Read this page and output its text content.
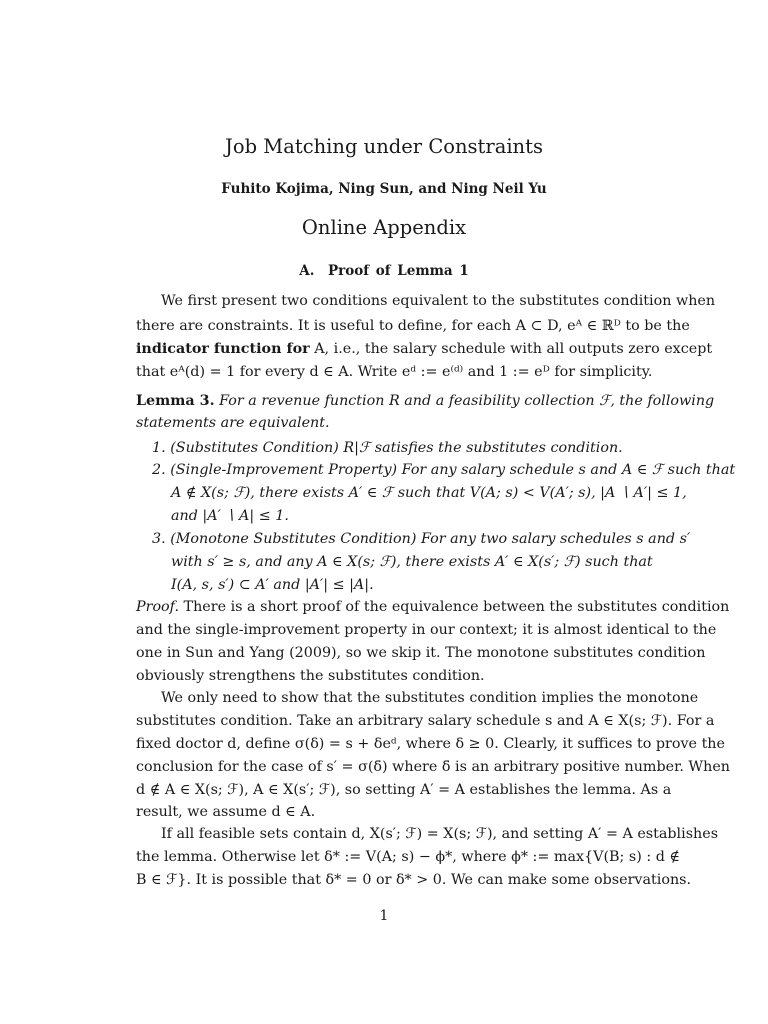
Job Matching under Constraints
Fuhito Kojima, Ning Sun, and Ning Neil Yu
Online Appendix
A. Proof of Lemma 1
We first present two conditions equivalent to the substitutes condition when
there are constraints. It is useful to define, for each A ⊂ D, eᴬ ∈ ℝᴰ to be the
indicator function for A, i.e., the salary schedule with all outputs zero except
that eᴬ(d) = 1 for every d ∈ A. Write eᵈ := e⁽ᵈ⁾ and 1 := eᴰ for simplicity.
Lemma 3. For a revenue function R and a feasibility collection ℱ, the following
statements are equivalent.
1. (Substitutes Condition) R|ℱ satisfies the substitutes condition.
2. (Single-Improvement Property) For any salary schedule s and A ∈ ℱ such that
A ∉ X(s; ℱ), there exists A′ ∈ ℱ such that V(A; s) < V(A′; s), |A ∖ A′| ≤ 1,
and |A′ ∖ A| ≤ 1.
3. (Monotone Substitutes Condition) For any two salary schedules s and s′
with s′ ≥ s, and any A ∈ X(s; ℱ), there exists A′ ∈ X(s′; ℱ) such that
I(A, s, s′) ⊂ A′ and |A′| ≤ |A|.
Proof. There is a short proof of the equivalence between the substitutes condition
and the single-improvement property in our context; it is almost identical to the
one in Sun and Yang (2009), so we skip it. The monotone substitutes condition
obviously strengthens the substitutes condition.
We only need to show that the substitutes condition implies the monotone
substitutes condition. Take an arbitrary salary schedule s and A ∈ X(s; ℱ). For a
fixed doctor d, define σ(δ) = s + δeᵈ, where δ ≥ 0. Clearly, it suffices to prove the
conclusion for the case of s′ = σ(δ̄) where δ̄ is an arbitrary positive number. When
d ∉ A ∈ X(s; ℱ), A ∈ X(s′; ℱ), so setting A′ = A establishes the lemma. As a
result, we assume d ∈ A.
If all feasible sets contain d, X(s′; ℱ) = X(s; ℱ), and setting A′ = A establishes
the lemma. Otherwise let δ* := V(A; s) − ϕ*, where ϕ* := max{V(B; s) : d ∉
B ∈ ℱ}. It is possible that δ* = 0 or δ* > 0. We can make some observations.
1
